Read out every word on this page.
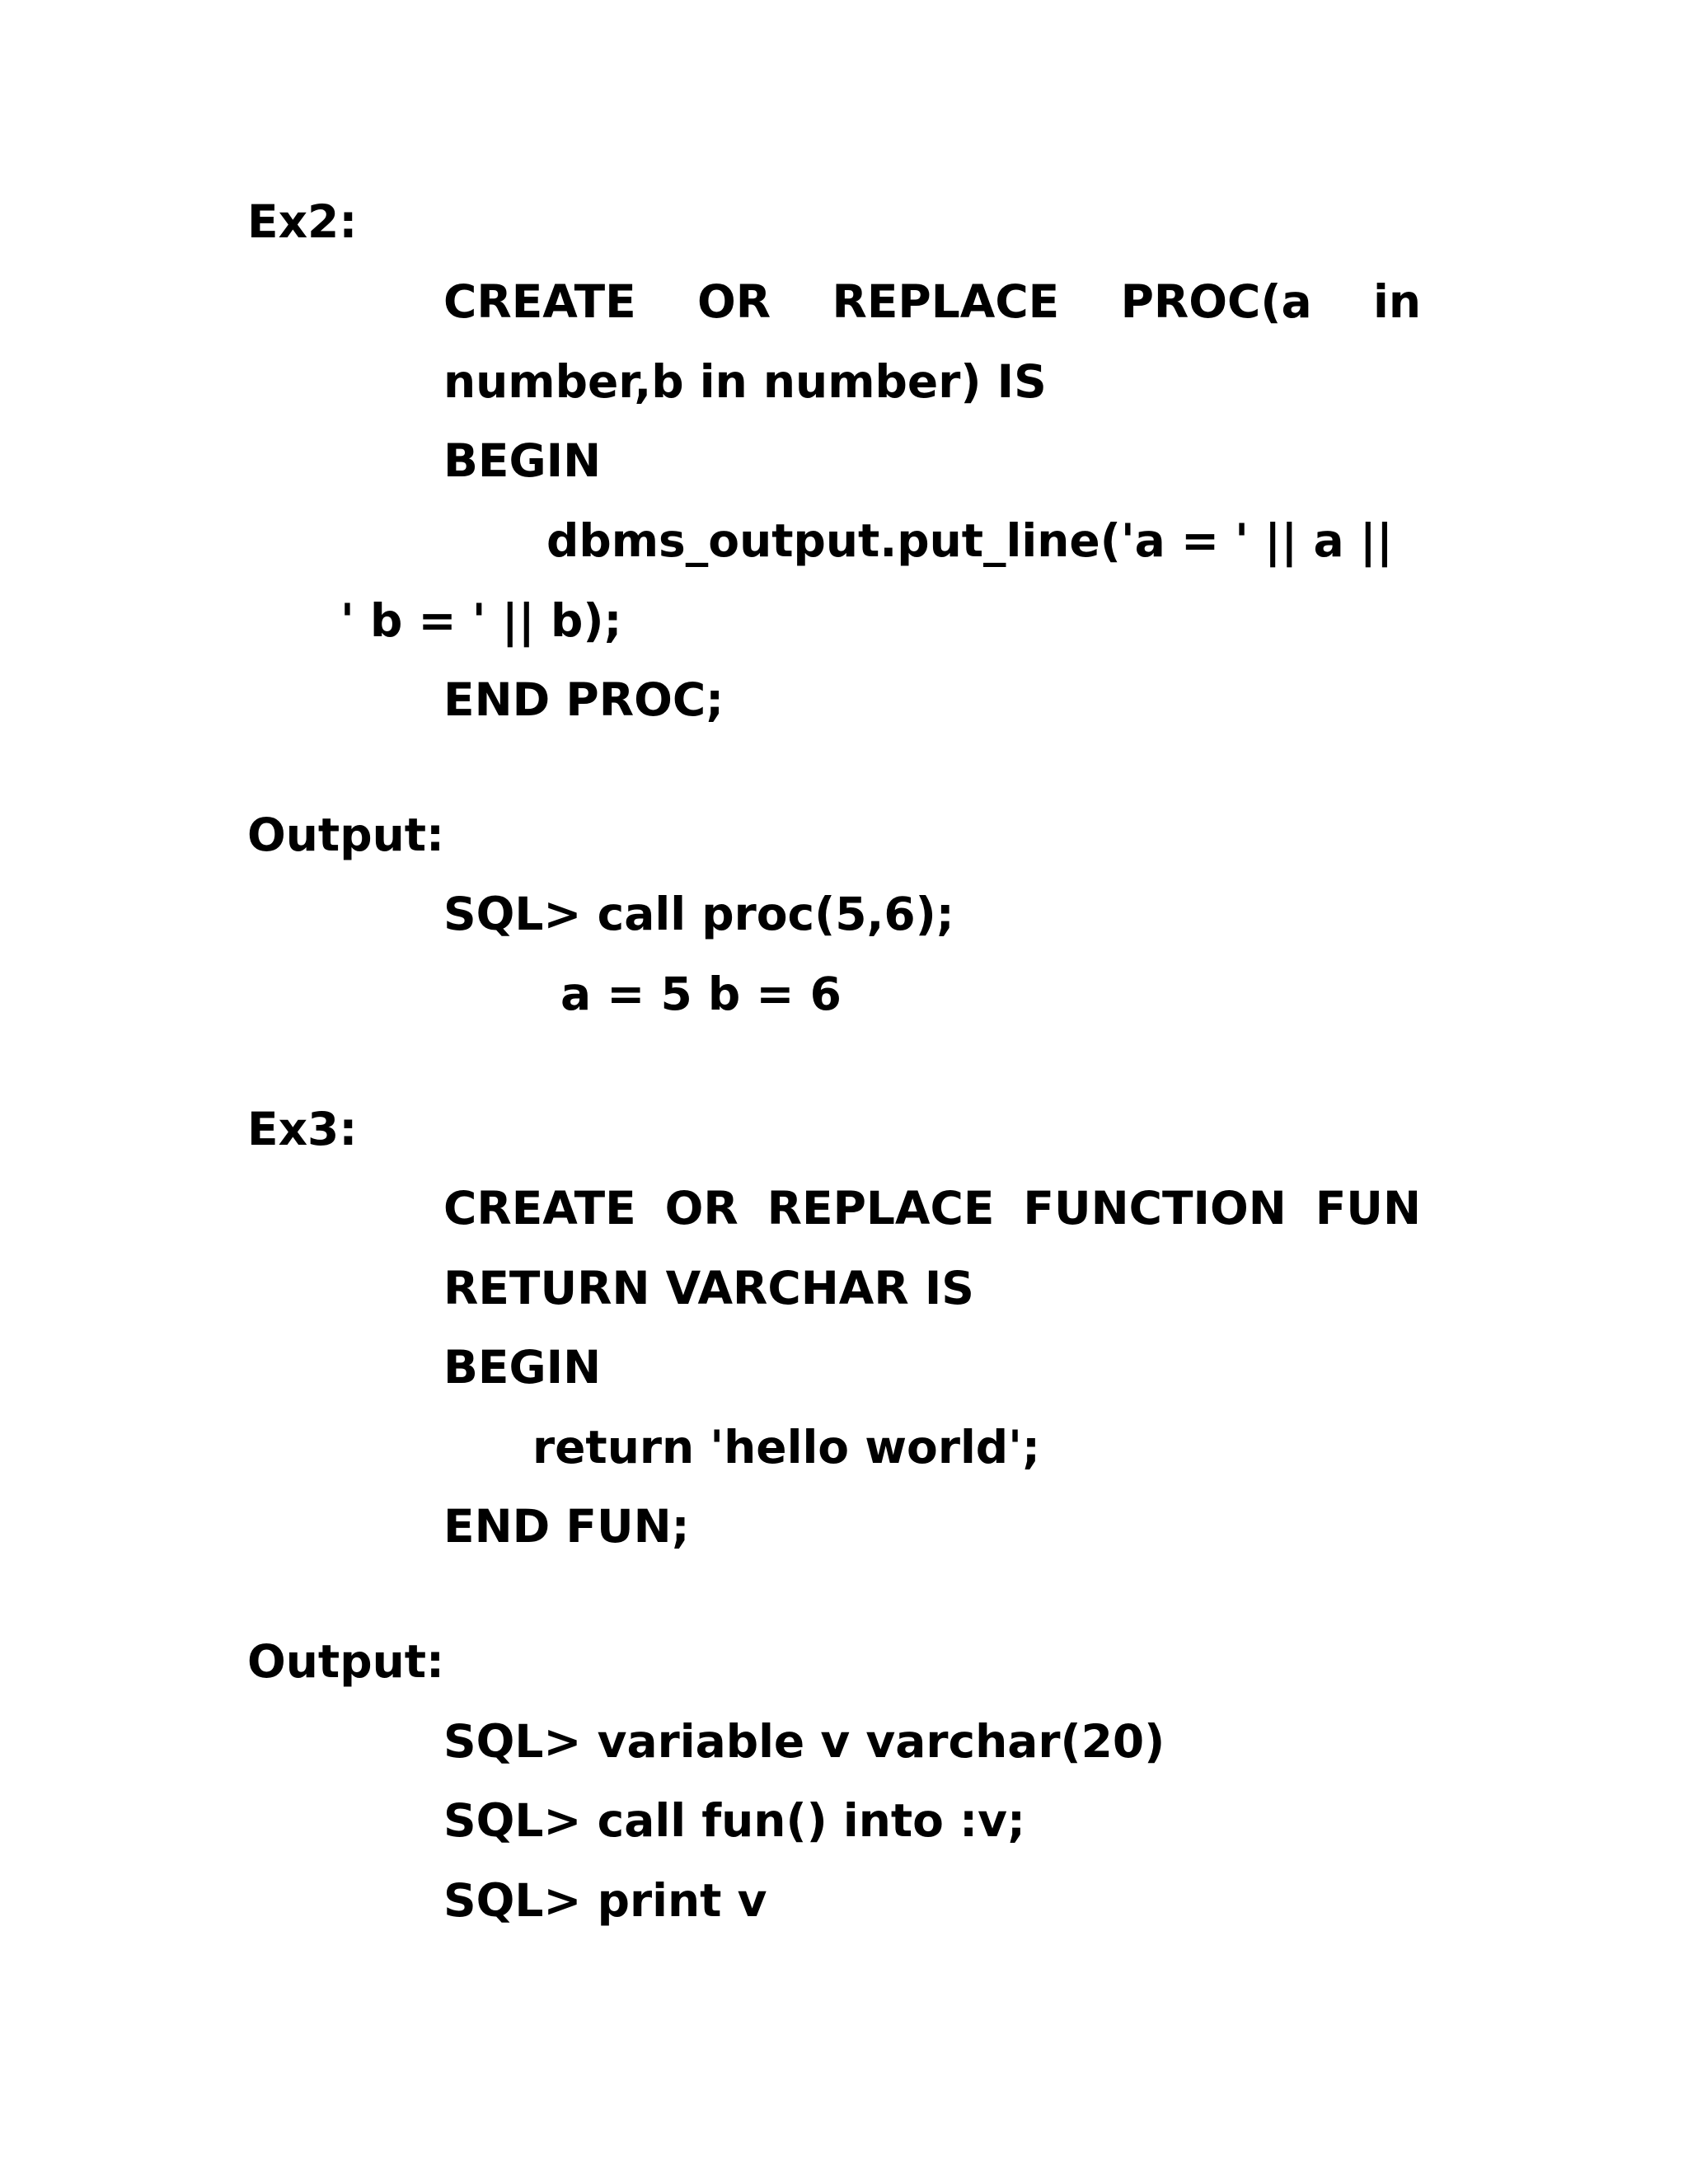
Ex2:
CREATE OR REPLACE PROC(a in
number,b in number) IS
BEGIN
dbms_output.put_line('a = ' || a ||
' b = ' || b);
END PROC;
Output:
SQL> call proc(5,6);
a = 5 b = 6
Ex3:
CREATE OR REPLACE FUNCTION FUN
RETURN VARCHAR IS
BEGIN
return 'hello world';
END FUN;
Output:
SQL> variable v varchar(20)
SQL> call fun() into :v;
SQL> print v
